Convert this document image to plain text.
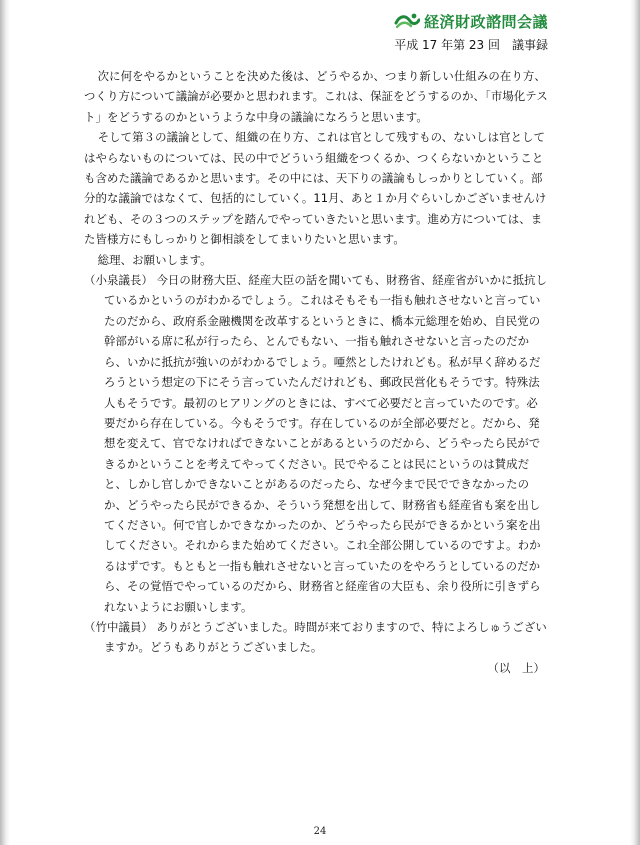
経済財政諮問会議
平成 17 年第 23 回　議事録

次に何をやるかということを決めた後は、どうやるか、つまり新しい仕組みの在り方、つくり方について議論が必要かと思われます。これは、保証をどうするのか、「市場化テスト」をどうするのかというような中身の議論になろうと思います。

そして第３の議論として、組織の在り方、これは官として残すもの、ないしは官としてはやらないものについては、民の中でどういう組織をつくるか、つくらないかということも含めた議論であるかと思います。その中には、天下りの議論もしっかりとしていく。部分的な議論ではなくて、包括的にしていく。11月、あと１か月ぐらいしかございませんけれども、その３つのステップを踏んでやっていきたいと思います。進め方については、また皆様方にもしっかりと御相談をしてまいりたいと思います。

総理、お願いします。

（小泉議長） 今日の財務大臣、経産大臣の話を聞いても、財務省、経産省がいかに抵抗しているかというのがわかるでしょう。これはそもそも一指も触れさせないと言っていたのだから、政府系金融機関を改革するというときに、橋本元総理を始め、自民党の幹部がいる席に私が行ったら、とんでもない、一指も触れさせないと言ったのだから、いかに抵抗が強いのがわかるでしょう。唖然としたけれども。私が早く辞めるだろうという想定の下にそう言っていたんだけれども、郵政民営化もそうです。特殊法人もそうです。最初のヒアリングのときには、すべて必要だと言っていたのです。必要だから存在している。今もそうです。存在しているのが全部必要だと。だから、発想を変えて、官でなければできないことがあるというのだから、どうやったら民ができるかということを考えてやってください。民でやることは民にというのは賛成だと、しかし官しかできないことがあるのだったら、なぜ今まで民でできなかったのか、どうやったら民ができるか、そういう発想を出して、財務省も経産省も案を出してください。何で官しかできなかったのか、どうやったら民ができるかという案を出してください。それからまた始めてください。これ全部公開しているのですよ。わかるはずです。もともと一指も触れさせないと言っていたのをやろうとしているのだから、その覚悟でやっているのだから、財務省と経産省の大臣も、余り役所に引きずられないようにお願いします。

（竹中議員） ありがとうございました。時間が来ておりますので、特によろしゅうございますか。どうもありがとうございました。

（以　上）

24
